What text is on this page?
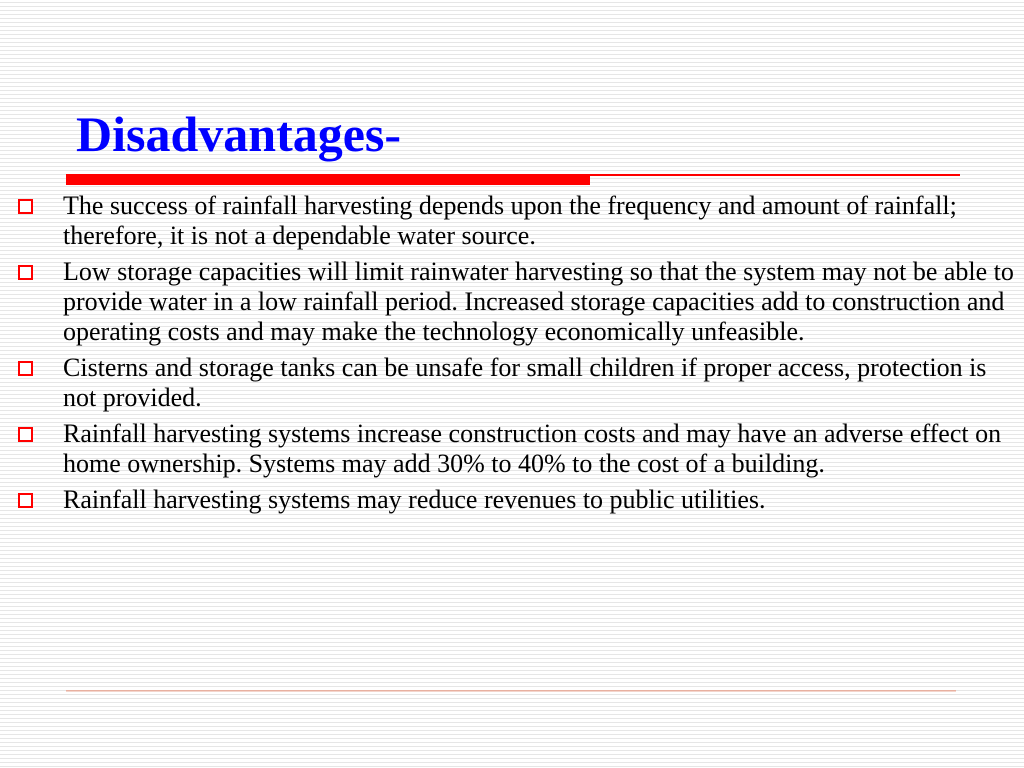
Disadvantages-
The success of rainfall harvesting depends upon the frequency and amount of rainfall; therefore, it is not a dependable water source.
Low storage capacities will limit rainwater harvesting so that the system may not be able to provide water in a low rainfall period. Increased storage capacities add to construction and operating costs and may make the technology economically unfeasible.
Cisterns and storage tanks can be unsafe for small children if proper access, protection is not provided.
Rainfall harvesting systems increase construction costs and may have an adverse effect on home ownership. Systems may add 30% to 40% to the cost of a building.
Rainfall harvesting systems may reduce revenues to public utilities.
